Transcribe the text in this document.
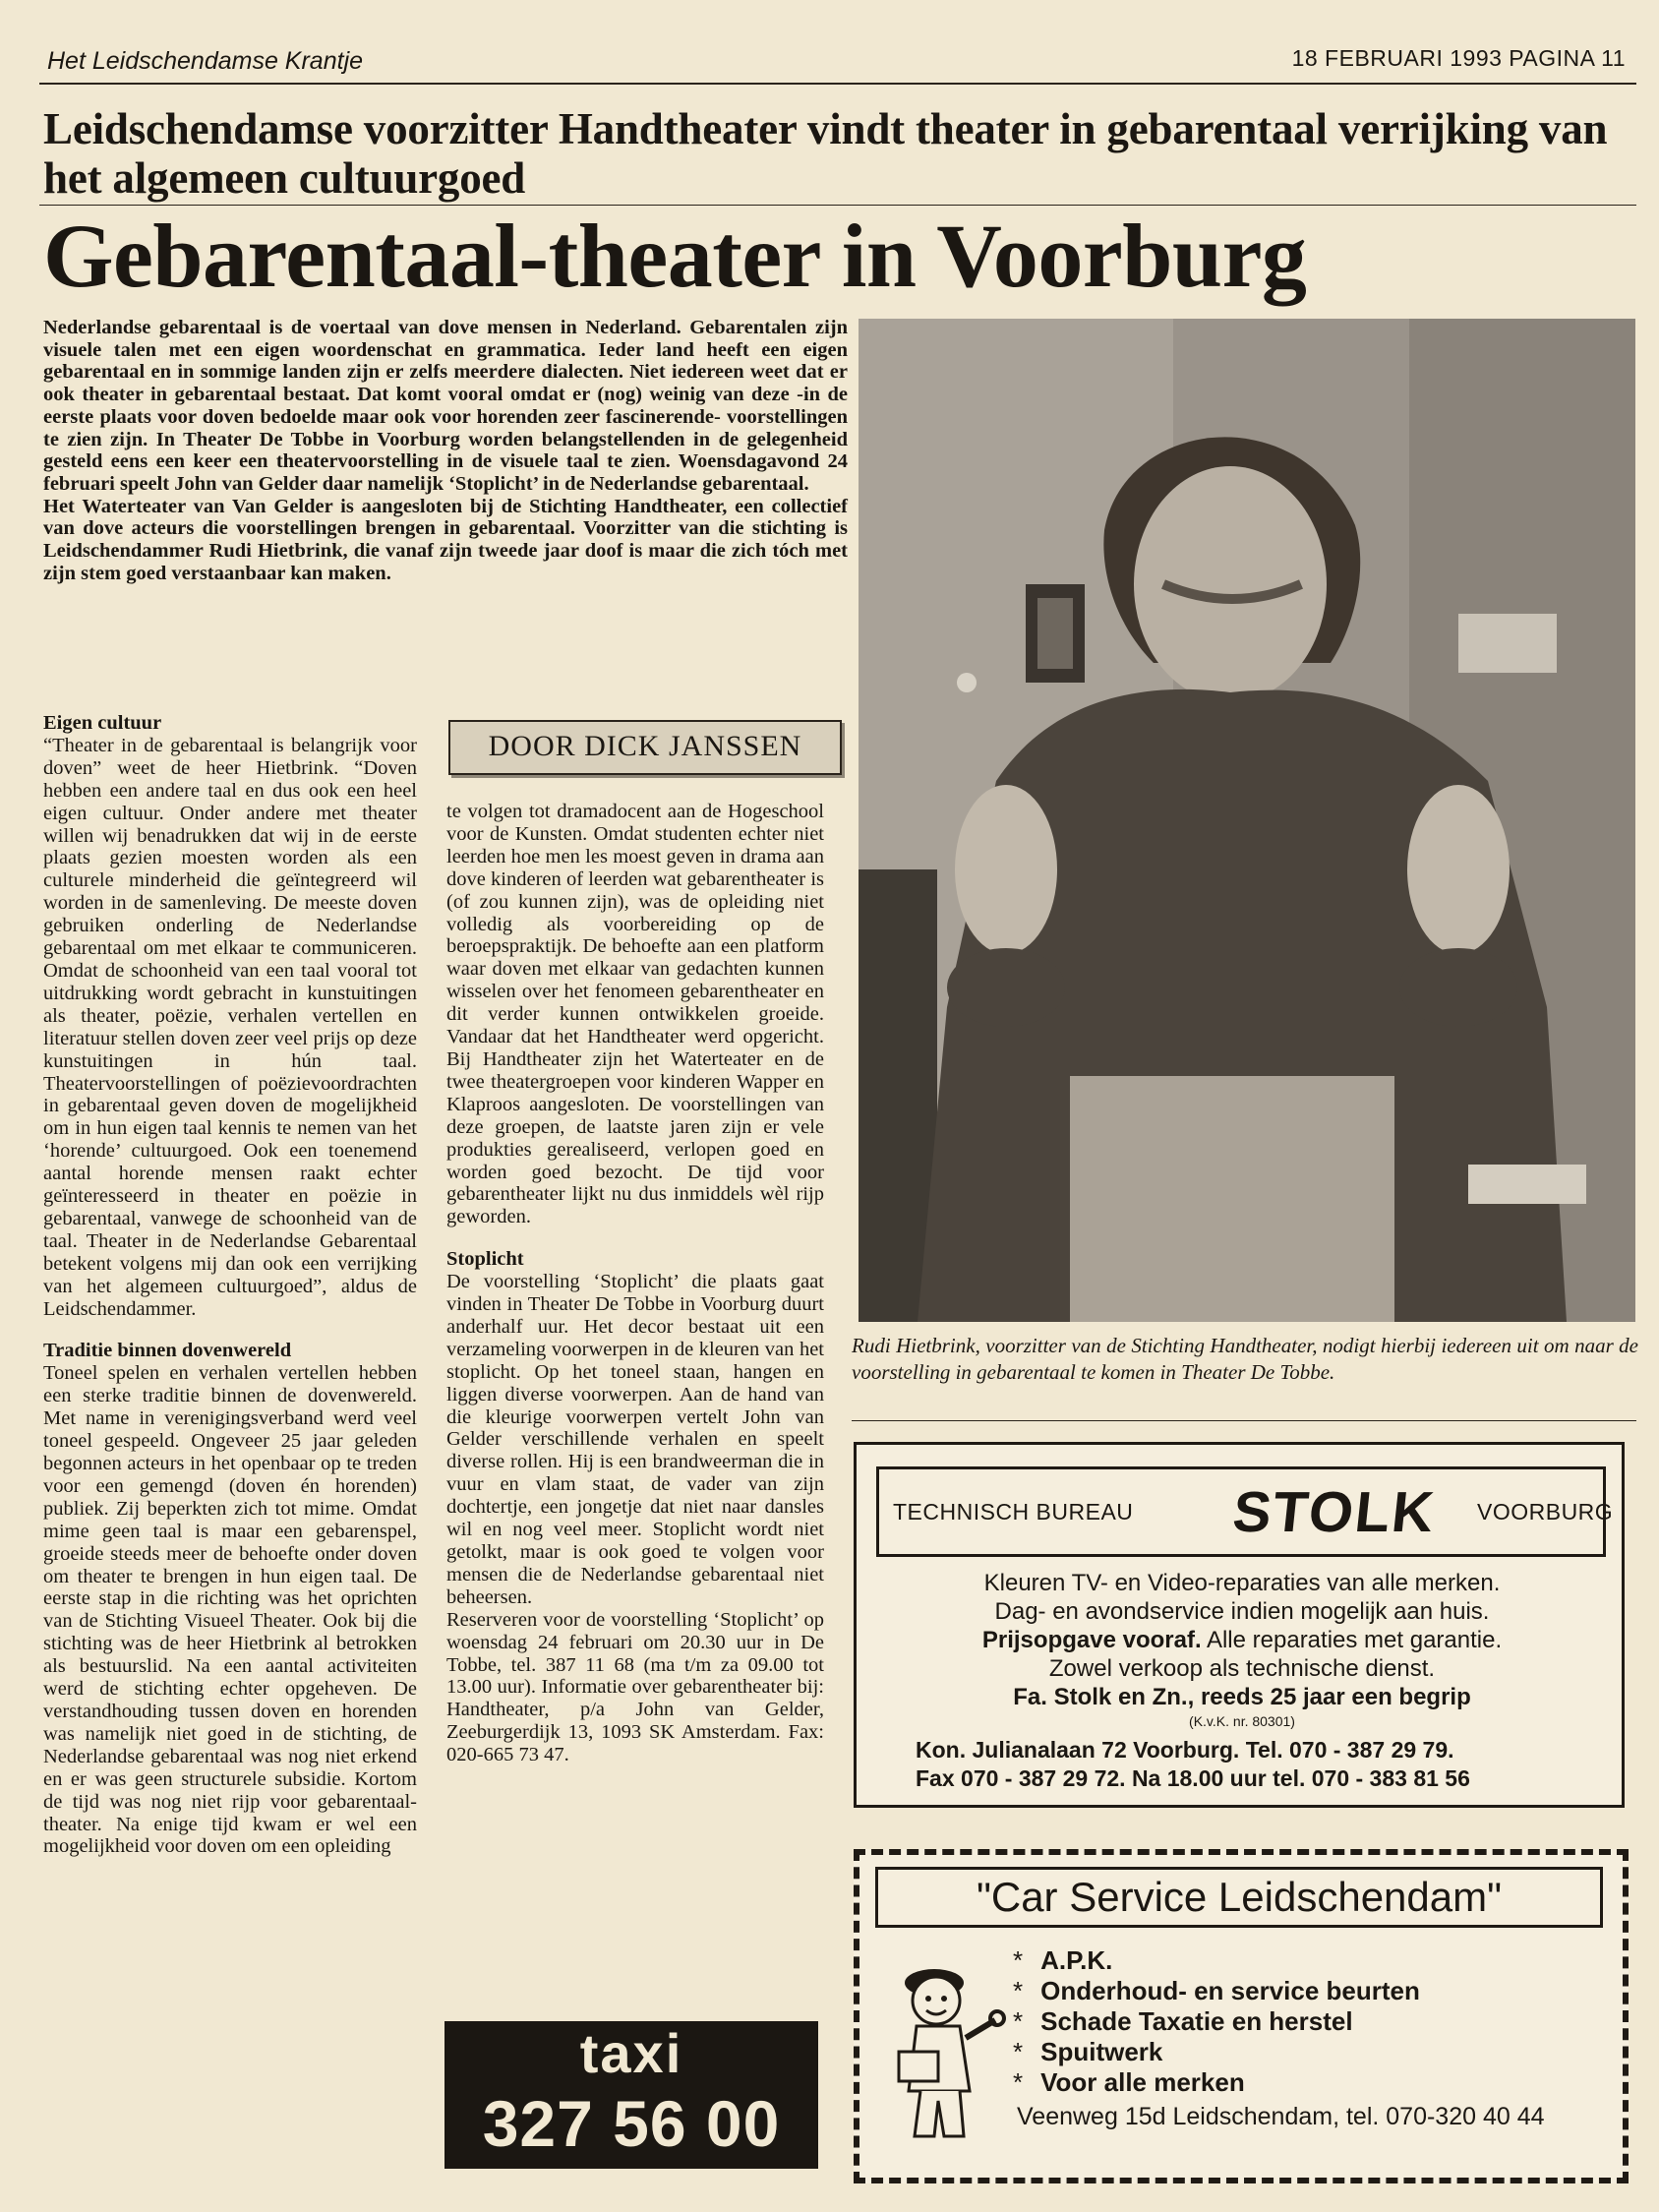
Het Leidschendamse Krantje	18 FEBRUARI 1993 PAGINA 11
Leidschendamse voorzitter Handtheater vindt theater in gebarentaal verrijking van het algemeen cultuurgoed
Gebarentaal-theater in Voorburg

Nederlandse gebarentaal is de voertaal van dove mensen in Nederland. Gebarentalen zijn visuele talen met een eigen woordenschat en grammatica. Ieder land heeft een eigen gebarentaal en in sommige landen zijn er zelfs meerdere dialecten. Niet iedereen weet dat er ook theater in gebarentaal bestaat. Dat komt vooral omdat er (nog) weinig van deze -in de eerste plaats voor doven bedoelde maar ook voor horenden zeer fascinerende- voorstellingen te zien zijn. In Theater De Tobbe in Voorburg worden belangstellenden in de gelegenheid gesteld eens een keer een theatervoorstelling in de visuele taal te zien. Woensdagavond 24 februari speelt John van Gelder daar namelijk ‘Stoplicht’ in de Nederlandse gebarentaal.

Het Waterteater van Van Gelder is aangesloten bij de Stichting Handtheater, een collectief van dove acteurs die voorstellingen brengen in gebarentaal. Voorzitter van die stichting is Leidschendammer Rudi Hietbrink, die vanaf zijn tweede jaar doof is maar die zich tóch met zijn stem goed verstaanbaar kan maken.

Eigen cultuur

“Theater in de gebarentaal is belangrijk voor doven” weet de heer Hietbrink. “Doven hebben een andere taal en dus ook een heel eigen cultuur. Onder andere met theater willen wij benadrukken dat wij in de eerste plaats gezien moesten worden als een culturele minderheid die geïntegreerd wil worden in de samenleving. De meeste doven gebruiken onderling de Nederlandse gebarentaal om met elkaar te communiceren. Omdat de schoonheid van een taal vooral tot uitdrukking wordt gebracht in kunstuitingen als theater, poëzie, verhalen vertellen en literatuur stellen doven zeer veel prijs op deze kunstuitingen in hún taal. Theatervoorstellingen of poëzievoordrachten in gebarentaal geven doven de mogelijkheid om in hun eigen taal kennis te nemen van het ‘horende’ cultuurgoed. Ook een toenemend aantal horende mensen raakt echter geïnteresseerd in theater en poëzie in gebarentaal, vanwege de schoonheid van de taal. Theater in de Nederlandse Gebarentaal betekent volgens mij dan ook een verrijking van het algemeen cultuurgoed”, aldus de Leidschendammer.

Traditie binnen dovenwereld

Toneel spelen en verhalen vertellen hebben een sterke traditie binnen de dovenwereld. Met name in verenigingsverband werd veel toneel gespeeld. Ongeveer 25 jaar geleden begonnen acteurs in het openbaar op te treden voor een gemengd (doven én horenden) publiek. Zij beperkten zich tot mime. Omdat mime geen taal is maar een gebarenspel, groeide steeds meer de behoefte onder doven om theater te brengen in hun eigen taal. De eerste stap in die richting was het oprichten van de Stichting Visueel Theater. Ook bij die stichting was de heer Hietbrink al betrokken als bestuurslid. Na een aantal activiteiten werd de stichting echter opgeheven. De verstandhouding tussen doven en horenden was namelijk niet goed in de stichting, de Nederlandse gebarentaal was nog niet erkend en er was geen structurele subsidie. Kortom de tijd was nog niet rijp voor gebarentaal-theater. Na enige tijd kwam er wel een mogelijkheid voor doven om een opleiding

DOOR DICK JANSSEN

te volgen tot dramadocent aan de Hogeschool voor de Kunsten. Omdat studenten echter niet leerden hoe men les moest geven in drama aan dove kinderen of leerden wat gebarentheater is (of zou kunnen zijn), was de opleiding niet volledig als voorbereiding op de beroepspraktijk. De behoefte aan een platform waar doven met elkaar van gedachten kunnen wisselen over het fenomeen gebarentheater en dit verder kunnen ontwikkelen groeide. Vandaar dat het Handtheater werd opgericht. Bij Handtheater zijn het Waterteater en de twee theatergroepen voor kinderen Wapper en Klaproos aangesloten. De voorstellingen van deze groepen, de laatste jaren zijn er vele produkties gerealiseerd, verlopen goed en worden goed bezocht. De tijd voor gebarentheater lijkt nu dus inmiddels wèl rijp geworden.

Stoplicht

De voorstelling ‘Stoplicht’ die plaats gaat vinden in Theater De Tobbe in Voorburg duurt anderhalf uur. Het decor bestaat uit een verzameling voorwerpen in de kleuren van het stoplicht. Op het toneel staan, hangen en liggen diverse voorwerpen. Aan de hand van die kleurige voorwerpen vertelt John van Gelder verschillende verhalen en speelt diverse rollen. Hij is een brandweerman die in vuur en vlam staat, de vader van zijn dochtertje, een jongetje dat niet naar dansles wil en nog veel meer. Stoplicht wordt niet getolkt, maar is ook goed te volgen voor mensen die de Nederlandse gebarentaal niet beheersen.

Reserveren voor de voorstelling ‘Stoplicht’ op woensdag 24 februari om 20.30 uur in De Tobbe, tel. 387 11 68 (ma t/m za 09.00 tot 13.00 uur). Informatie over gebarentheater bij: Handtheater, p/a John van Gelder, Zeeburgerdijk 13, 1093 SK Amsterdam. Fax: 020-665 73 47.

Rudi Hietbrink, voorzitter van de Stichting Handtheater, nodigt hierbij iedereen uit om naar de voorstelling in gebarentaal te komen in Theater De Tobbe.
TECHNISCH BUREAU STOLK VOORBURG
Kleuren TV- en Video-reparaties van alle merken.
Dag- en avondservice indien mogelijk aan huis.
Prijsopgave vooraf. Alle reparaties met garantie.
Zowel verkoop als technische dienst.
Fa. Stolk en Zn., reeds 25 jaar een begrip
(K.v.K. nr. 80301)
Kon. Julianalaan 72 Voorburg. Tel. 070 - 387 29 79.
Fax 070 - 387 29 72. Na 18.00 uur tel. 070 - 383 81 56
"Car Service Leidschendam"
* A.P.K.
* Onderhoud- en service beurten
* Schade Taxatie en herstel
* Spuitwerk
* Voor alle merken
Veenweg 15d Leidschendam, tel. 070-320 40 44
taxi
327 56 00
